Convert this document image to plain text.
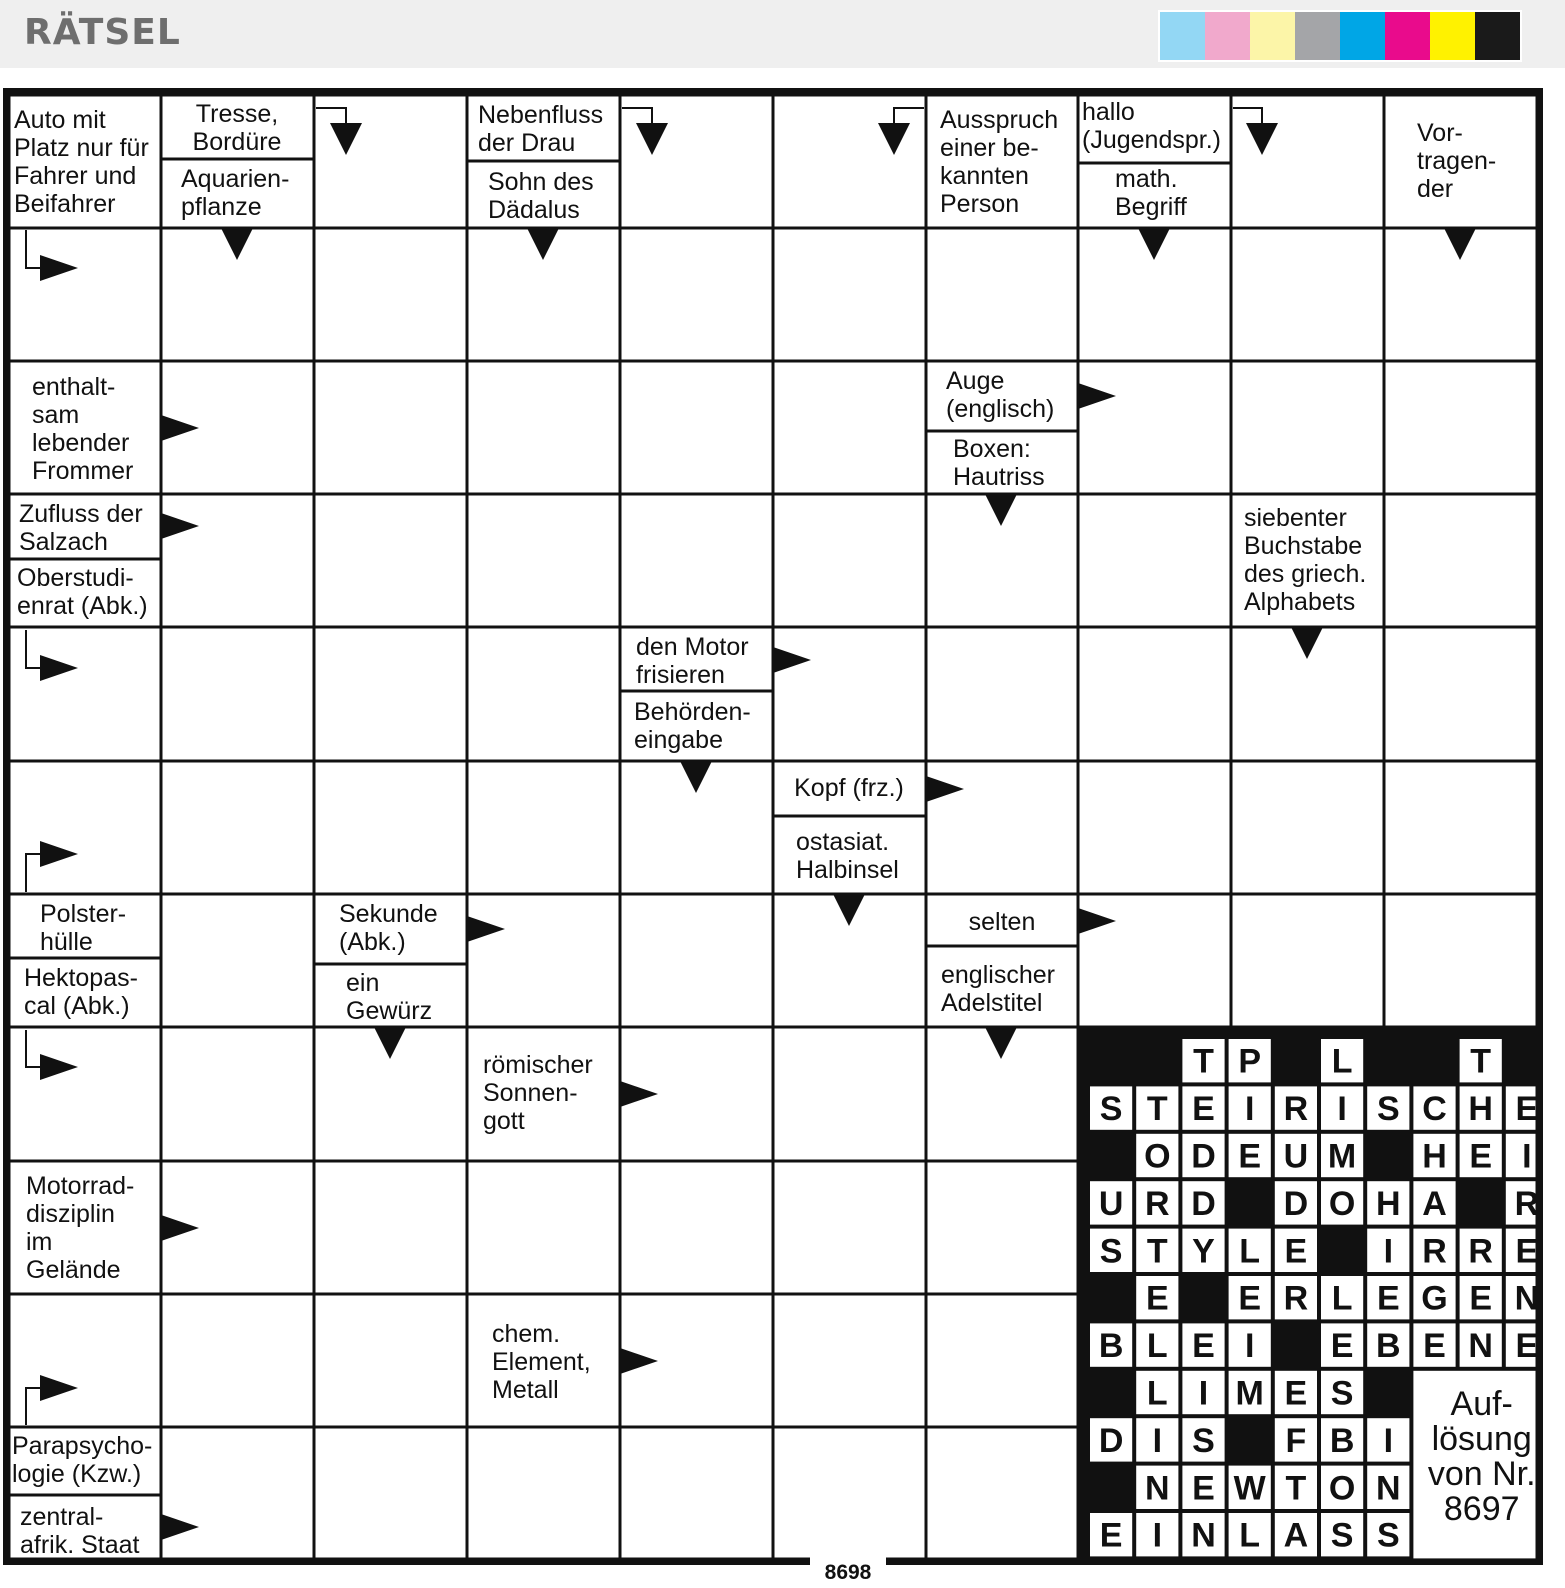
RÄTSEL
T P L	T
S T E I R I S C H E
O D E U M H E I
U R D D O H A R
S T Y L E I R R E
E E R L E G E N
B L E I E B E N E
L I M E S
D I S F B I
N E W T O N
E I N L A S S
Auf-
lösung
von Nr.
8697
Auto mit Platz nur für Fahrer und Beifahrer
Tresse, Bordüre
Aquarien-pflanze
Nebenfluss der Drau
Sohn des Dädalus
Ausspruch einer be-kannten Person
hallo (Jugendspr.)
math. Begriff
Vor-tragen-der
enthalt-sam lebender Frommer
Auge (englisch)
Boxen: Hautriss
Zufluss der Salzach
Oberstudi-enrat (Abk.)
siebenter Buchstabe des griech. Alphabets
den Motor frisieren
Behörden-eingabe
Kopf (frz.)
ostasiat. Halbinsel
Polster-hülle
Hektopas-cal (Abk.)
Sekunde (Abk.)
ein Gewürz
selten
englischer Adelstitel
römischer Sonnen-gott
Motorrad-disziplin im Gelände
chem. Element, Metall
Parapsycho-logie (Kzw.)
zentral-afrik. Staat
8698
